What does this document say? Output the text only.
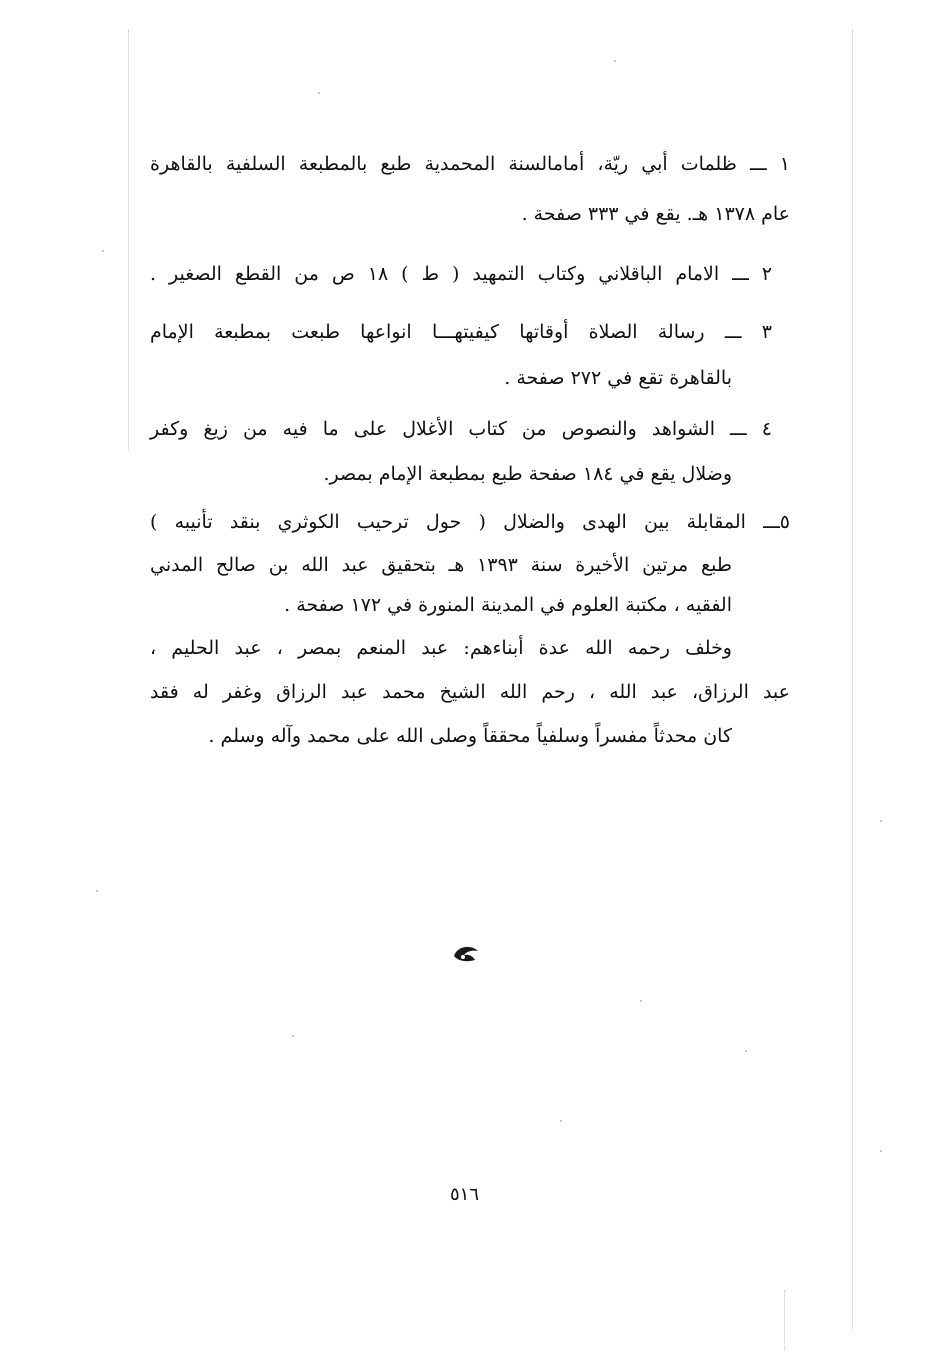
١ ـــ ظلمات أبي ريّة، أمامالسنة المحمدية طبع بالمطبعة السلفية بالقاهرة
عام ١٣٧٨ هـ. يقع في ٣٣٣ صفحة .
٢ ـــ الامام الباقلاني وكتاب التمهيد ( ط ) ١٨ ص من القطع الصغير .
٣ ـــ رسالة الصلاة أوقاتها كيفيتهـــا انواعها طبعت بمطبعة الإمام
بالقاهرة تقع في ٢٧٢ صفحة .
٤ ـــ الشواهد والنصوص من كتاب الأغلال على ما فيه من زيغ وكفر
وضلال يقع في ١٨٤ صفحة طبع بمطبعة الإمام بمصر.
٥ـــ المقابلة بين الهدى والضلال ( حول ترحيب الكوثري بنقد تأنيبه )
طبع مرتين الأخيرة سنة ١٣٩٣ هـ بتحقيق عبد الله بن صالح المدني
الفقيه ، مكتبة العلوم في المدينة المنورة في ١٧٢ صفحة .
وخلف رحمه الله عدة أبناءهم: عبد المنعم بمصر ، عبد الحليم ،
عبد الرزاق، عبد الله ، رحم الله الشيخ محمد عبد الرزاق وغفر له فقد
كان محدثاً مفسراً وسلفياً محققاً وصلى الله على محمد وآله وسلم .
٥١٦
